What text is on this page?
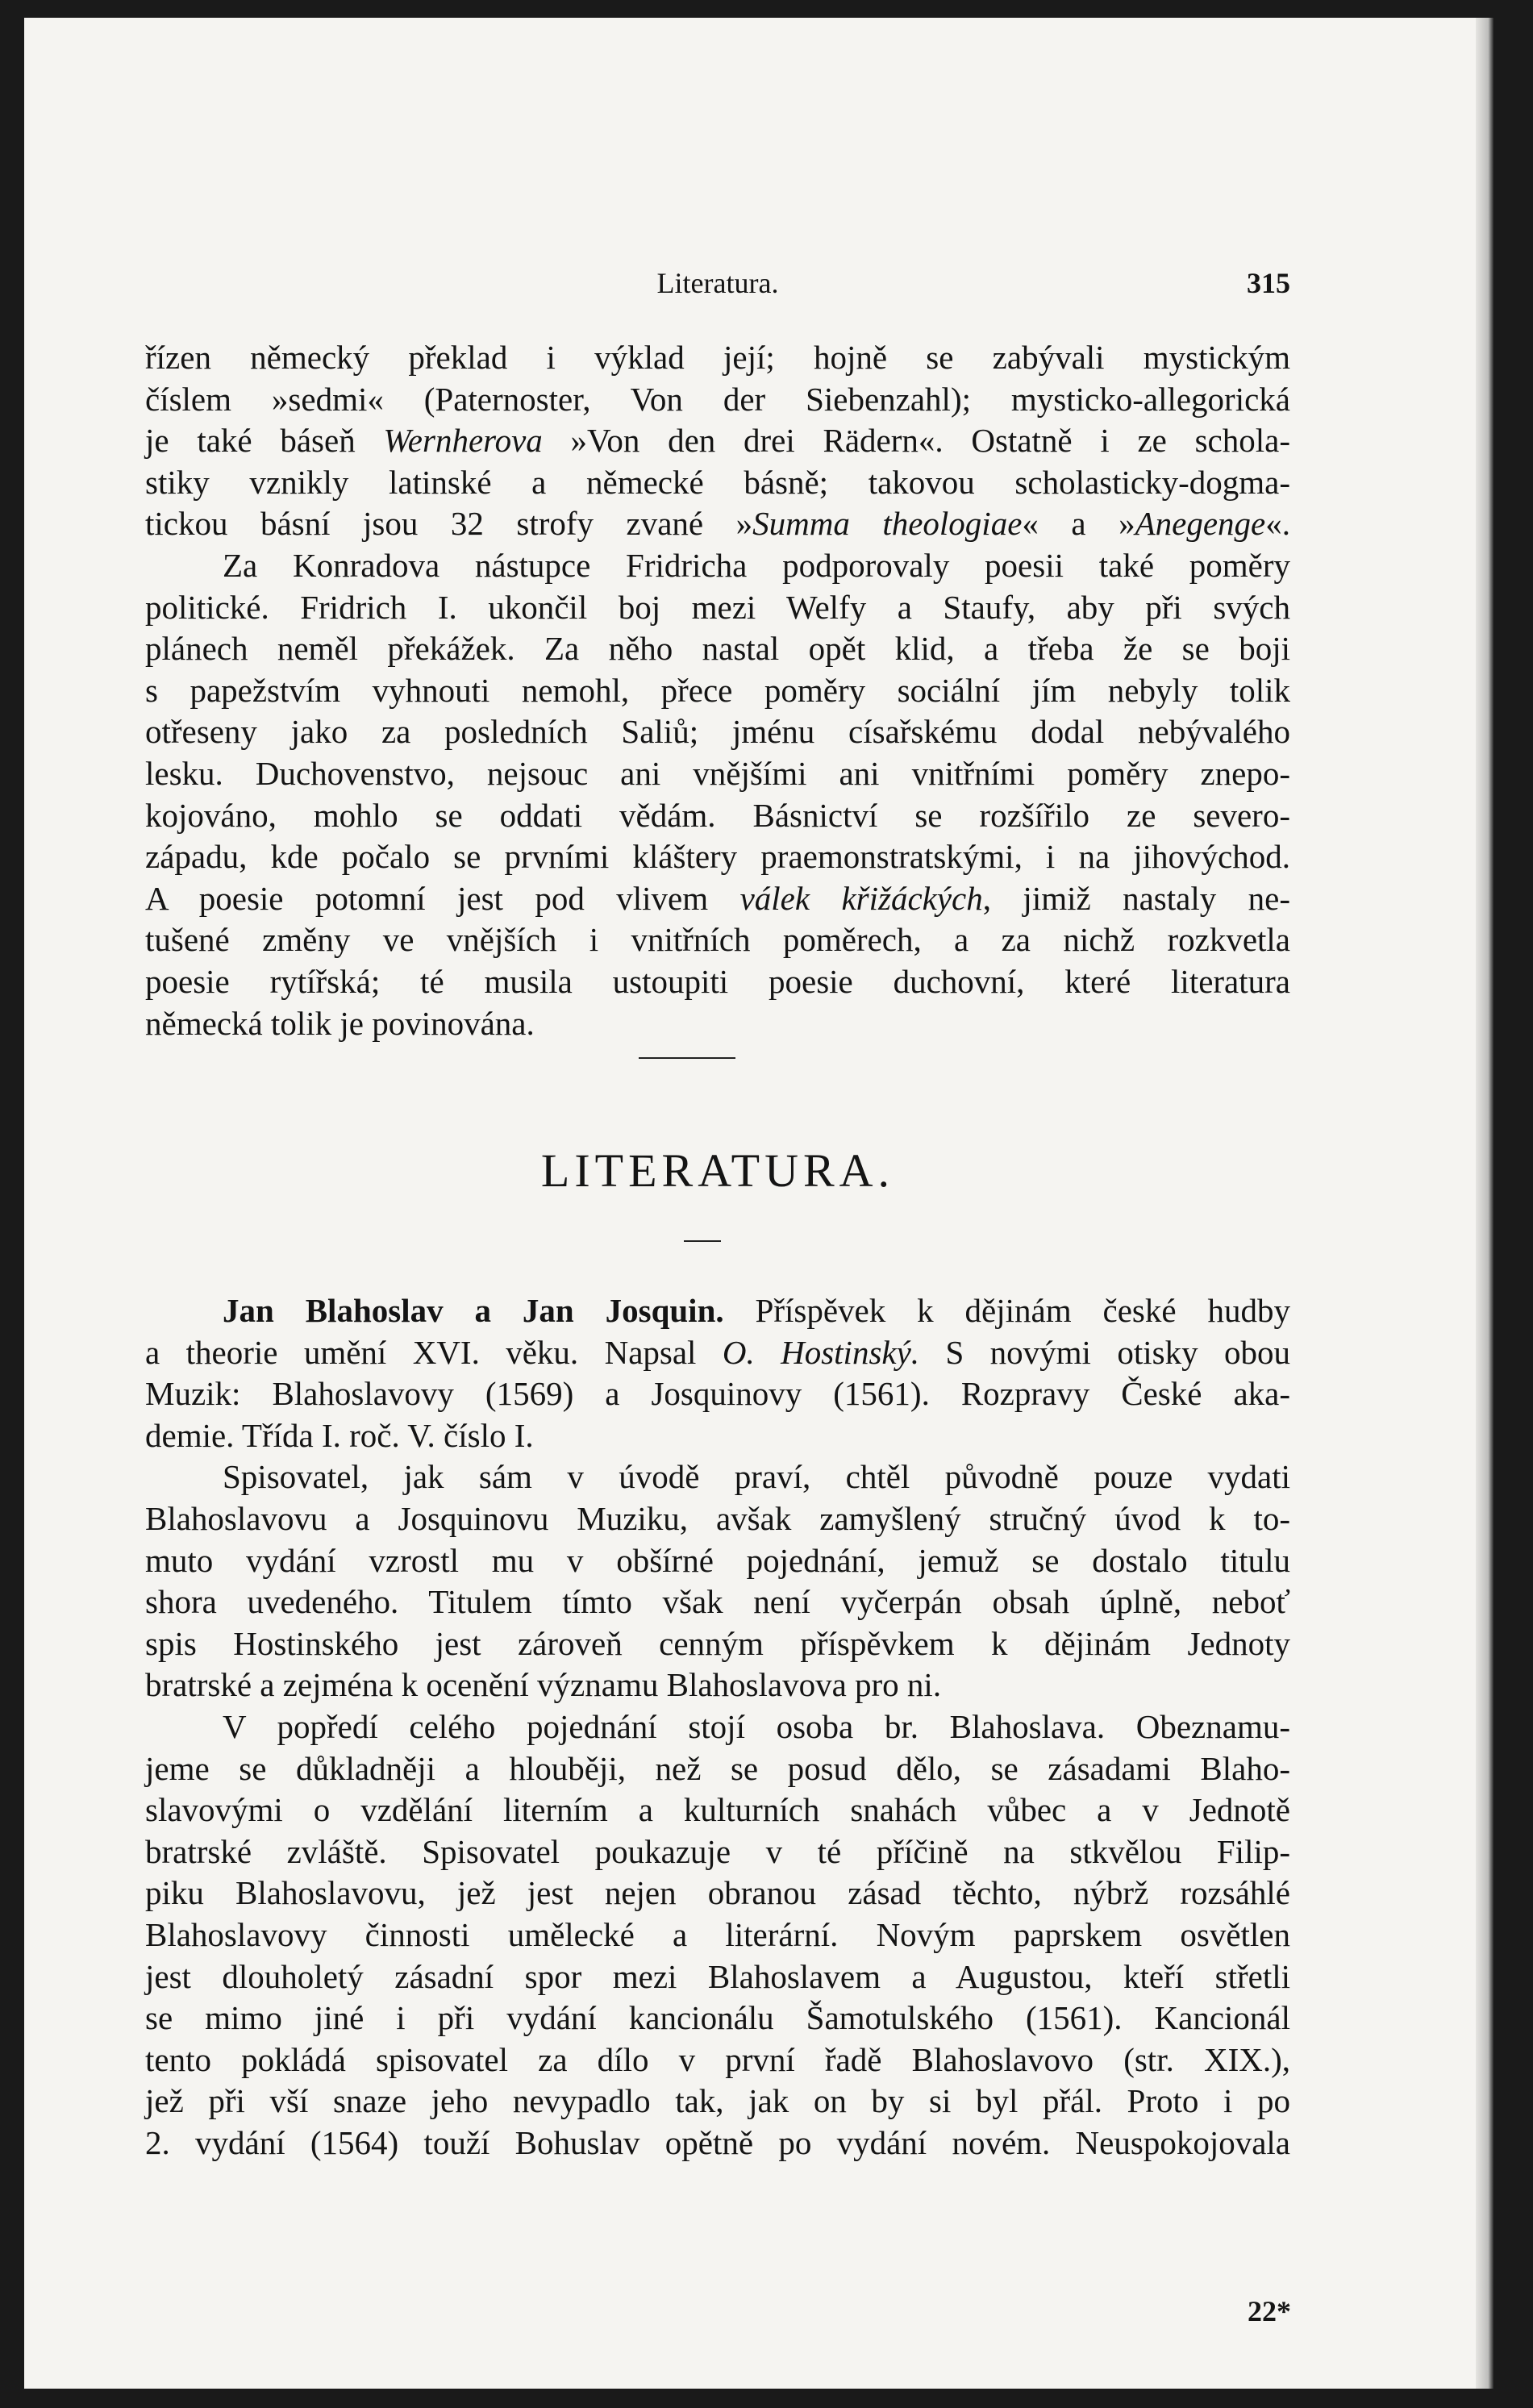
Literatura.	315

řízen německý překlad i výklad její; hojně se zabývali mystickým
číslem »sedmi« (Paternoster, Von der Siebenzahl); mysticko-allegorická
je také báseň Wernherova »Von den drei Rädern«. Ostatně i ze schola-
stiky vznikly latinské a německé básně; takovou scholasticky-dogma-
tickou básní jsou 32 strofy zvané »Summa theologiae« a »Anegenge«.

Za Konradova nástupce Fridricha podporovaly poesii také poměry
politické. Fridrich I. ukončil boj mezi Welfy a Staufy, aby při svých
plánech neměl překážek. Za něho nastal opět klid, a třeba že se boji
s papežstvím vyhnouti nemohl, přece poměry sociální jím nebyly tolik
otřeseny jako za posledních Saliů; jménu císařskému dodal nebývalého
lesku. Duchovenstvo, nejsouc ani vnějšími ani vnitřními poměry znepo-
kojováno, mohlo se oddati vědám. Básnictví se rozšířilo ze severo-
západu, kde počalo se prvními kláštery praemonstratskými, i na jihovýchod.
A poesie potomní jest pod vlivem válek křižáckých, jimiž nastaly ne-
tušené změny ve vnějších i vnitřních poměrech, a za nichž rozkvetla
poesie rytířská; té musila ustoupiti poesie duchovní, které literatura
německá tolik je povinována.

LITERATURA.

Jan Blahoslav a Jan Josquin. Příspěvek k dějinám české hudby
a theorie umění XVI. věku. Napsal O. Hostinský. S novými otisky obou
Muzik: Blahoslavovy (1569) a Josquinovy (1561). Rozpravy České aka-
demie. Třída I. roč. V. číslo I.

Spisovatel, jak sám v úvodě praví, chtěl původně pouze vydati
Blahoslavovu a Josquinovu Muziku, avšak zamyšlený stručný úvod k to-
muto vydání vzrostl mu v obšírné pojednání, jemuž se dostalo titulu
shora uvedeného. Titulem tímto však není vyčerpán obsah úplně, neboť
spis Hostinského jest zároveň cenným příspěvkem k dějinám Jednoty
bratrské a zejména k ocenění významu Blahoslavova pro ni.

V popředí celého pojednání stojí osoba br. Blahoslava. Obeznamu-
jeme se důkladněji a hlouběji, než se posud dělo, se zásadami Blaho-
slavovými o vzdělání literním a kulturních snahách vůbec a v Jednotě
bratrské zvláště. Spisovatel poukazuje v té příčině na stkvělou Filip-
piku Blahoslavovu, jež jest nejen obranou zásad těchto, nýbrž rozsáhlé
Blahoslavovy činnosti umělecké a literární. Novým paprskem osvětlen
jest dlouholetý zásadní spor mezi Blahoslavem a Augustou, kteří střetli
se mimo jiné i při vydání kancionálu Šamotulského (1561). Kancionál
tento pokládá spisovatel za dílo v první řadě Blahoslavovo (str. XIX.),
jež při vší snaze jeho nevypadlo tak, jak on by si byl přál. Proto i po
2. vydání (1564) touží Bohuslav opětně po vydání novém. Neuspokojovala

22*
